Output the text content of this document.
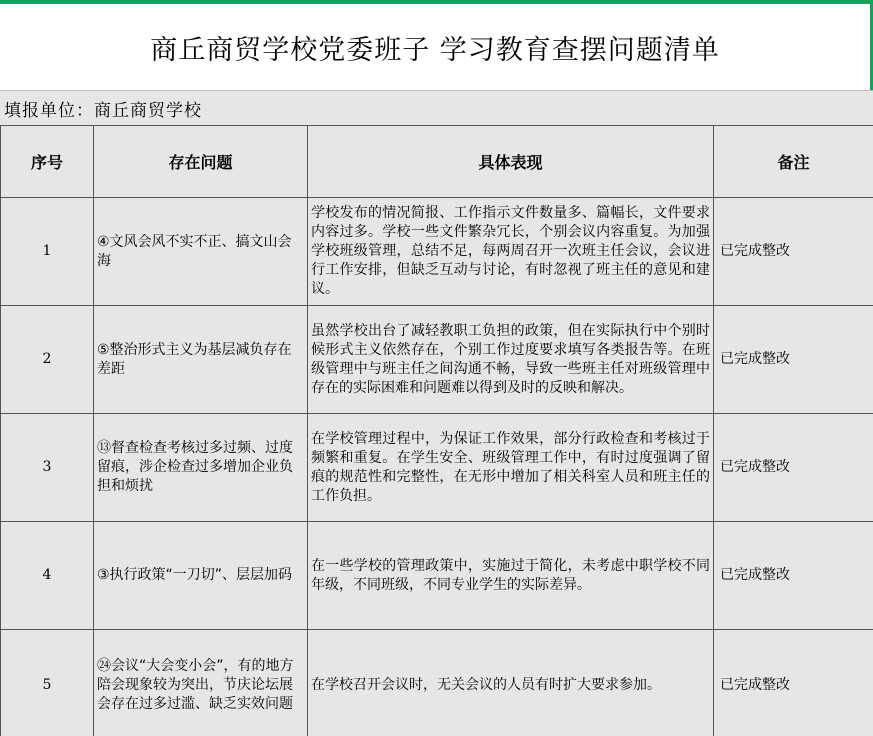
商丘商贸学校党委班子 学习教育查摆问题清单
填报单位：商丘商贸学校
序号	存在问题	具体表现	备注
1	④文风会风不实不正、搞文山会海	学校发布的情况简报、工作指示文件数量多、篇幅长，文件要求内容过多。学校一些文件繁杂冗长，个别会议内容重复。为加强学校班级管理，总结不足，每两周召开一次班主任会议，会议进行工作安排，但缺乏互动与讨论，有时忽视了班主任的意见和建议。	已完成整改
2	⑤整治形式主义为基层减负存在差距	虽然学校出台了减轻教职工负担的政策，但在实际执行中个别时候形式主义依然存在，个别工作过度要求填写各类报告等。在班级管理中与班主任之间沟通不畅，导致一些班主任对班级管理中存在的实际困难和问题难以得到及时的反映和解决。	已完成整改
3	⑬督查检查考核过多过频、过度留痕，涉企检查过多增加企业负担和烦扰	在学校管理过程中，为保证工作效果，部分行政检查和考核过于频繁和重复。在学生安全、班级管理工作中，有时过度强调了留痕的规范性和完整性，在无形中增加了相关科室人员和班主任的工作负担。	已完成整改
4	③执行政策“一刀切”、层层加码	在一些学校的管理政策中，实施过于简化，未考虑中职学校不同年级，不同班级，不同专业学生的实际差异。	已完成整改
5	㉔会议“大会变小会”，有的地方陪会现象较为突出，节庆论坛展会存在过多过滥、缺乏实效问题	在学校召开会议时，无关会议的人员有时扩大要求参加。	已完成整改
